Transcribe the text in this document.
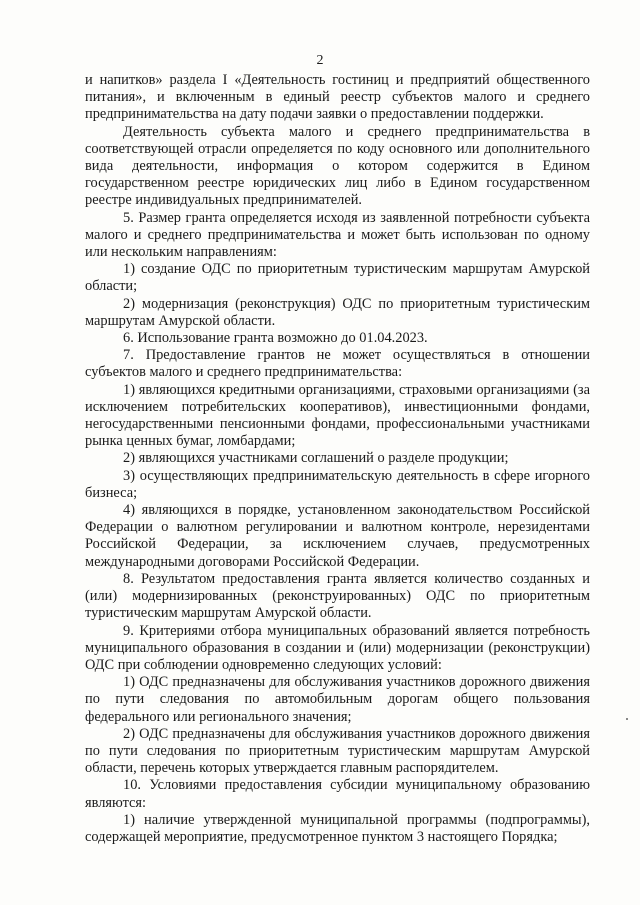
2

и напитков» раздела I «Деятельность гостиниц и предприятий общественного питания», и включенным в единый реестр субъектов малого и среднего предпринимательства на дату подачи заявки о предоставлении поддержки.

Деятельность субъекта малого и среднего предпринимательства в соответствующей отрасли определяется по коду основного или дополнительного вида деятельности, информация о котором содержится в Едином государственном реестре юридических лиц либо в Едином государственном реестре индивидуальных предпринимателей.

5. Размер гранта определяется исходя из заявленной потребности субъекта малого и среднего предпринимательства и может быть использован по одному или нескольким направлениям:

1) создание ОДС по приоритетным туристическим маршрутам Амурской области;

2) модернизация (реконструкция) ОДС по приоритетным туристическим маршрутам Амурской области.

6. Использование гранта возможно до 01.04.2023.

7. Предоставление грантов не может осуществляться в отношении субъектов малого и среднего предпринимательства:

1) являющихся кредитными организациями, страховыми организациями (за исключением потребительских кооперативов), инвестиционными фондами, негосударственными пенсионными фондами, профессиональными участниками рынка ценных бумаг, ломбардами;

2) являющихся участниками соглашений о разделе продукции;

3) осуществляющих предпринимательскую деятельность в сфере игорного бизнеса;

4) являющихся в порядке, установленном законодательством Российской Федерации о валютном регулировании и валютном контроле, нерезидентами Российской Федерации, за исключением случаев, предусмотренных международными договорами Российской Федерации.

8. Результатом предоставления гранта является количество созданных и (или) модернизированных (реконструированных) ОДС по приоритетным туристическим маршрутам Амурской области.

9. Критериями отбора муниципальных образований является потребность муниципального образования в создании и (или) модернизации (реконструкции) ОДС при соблюдении одновременно следующих условий:

1) ОДС предназначены для обслуживания участников дорожного движения по пути следования по автомобильным дорогам общего пользования федерального или регионального значения;

2) ОДС предназначены для обслуживания участников дорожного движения по пути следования по приоритетным туристическим маршрутам Амурской области, перечень которых утверждается главным распорядителем.

10. Условиями предоставления субсидии муниципальному образованию являются:

1) наличие утвержденной муниципальной программы (подпрограммы), содержащей мероприятие, предусмотренное пунктом 3 настоящего Порядка;
